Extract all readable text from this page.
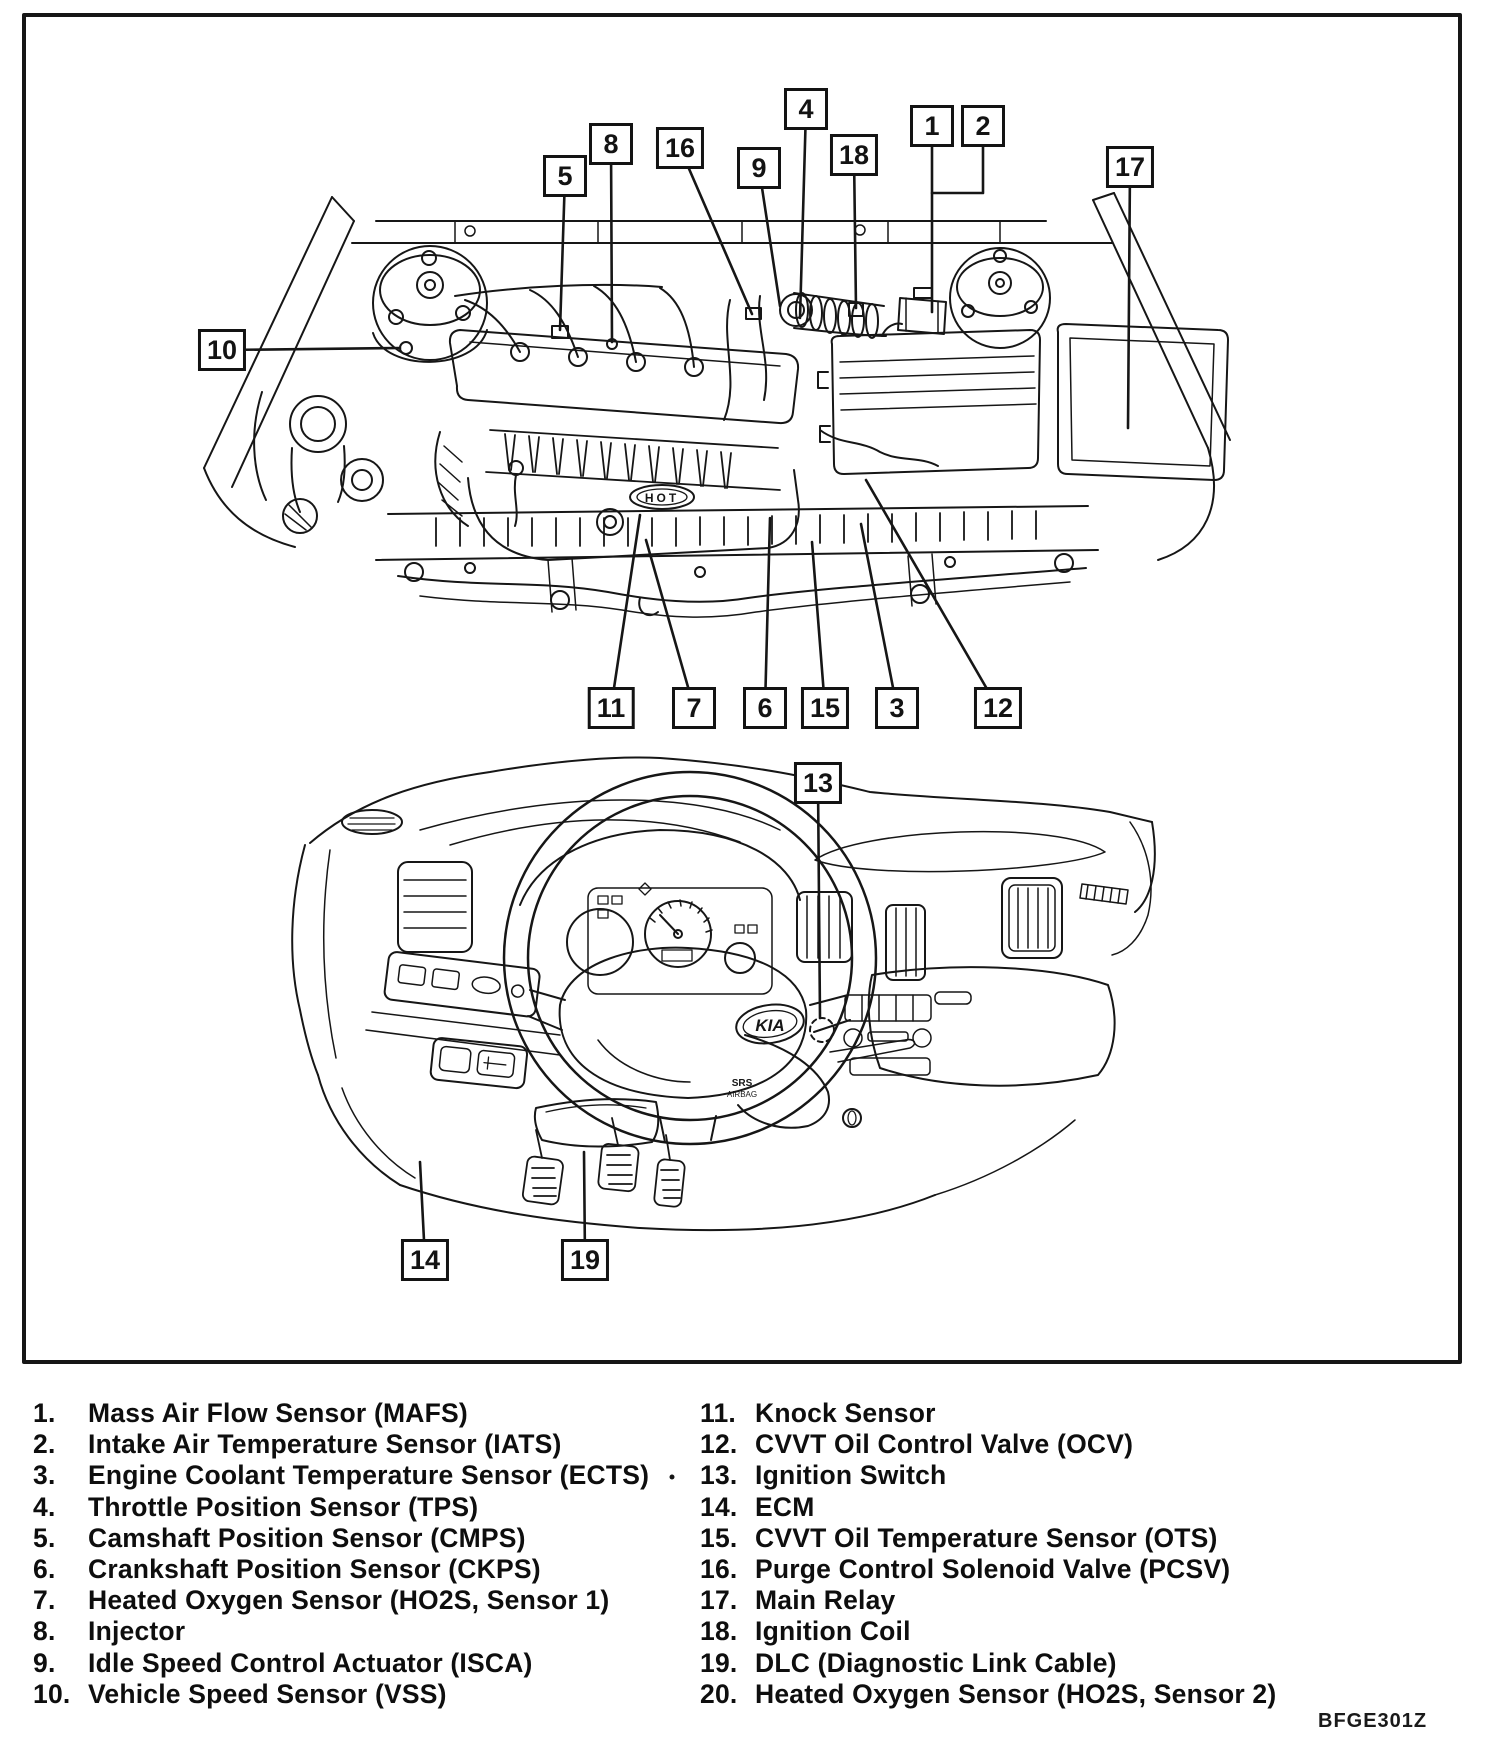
HOT
KIA
SRS
AIRBAG
5
8	16
9
4
18
1	2
17
10
11	7	6	15	3	12
13
14	19
1.	Mass Air Flow Sensor (MAFS)
2.	Intake Air Temperature Sensor (IATS)
3.	Engine Coolant Temperature Sensor (ECTS)
4.	Throttle Position Sensor (TPS)
5.	Camshaft Position Sensor (CMPS)
6.	Crankshaft Position Sensor (CKPS)
7.	Heated Oxygen Sensor (HO2S, Sensor 1)
8.	Injector
9.	Idle Speed Control Actuator (ISCA)
10. Vehicle Speed Sensor (VSS)
11. Knock Sensor
12. CVVT Oil Control Valve (OCV)
13. Ignition Switch
14. ECM
15. CVVT Oil Temperature Sensor (OTS)
16. Purge Control Solenoid Valve (PCSV)
17. Main Relay
18. Ignition Coil
19. DLC (Diagnostic Link Cable)
20. Heated Oxygen Sensor (HO2S, Sensor 2)
BFGE301Z
